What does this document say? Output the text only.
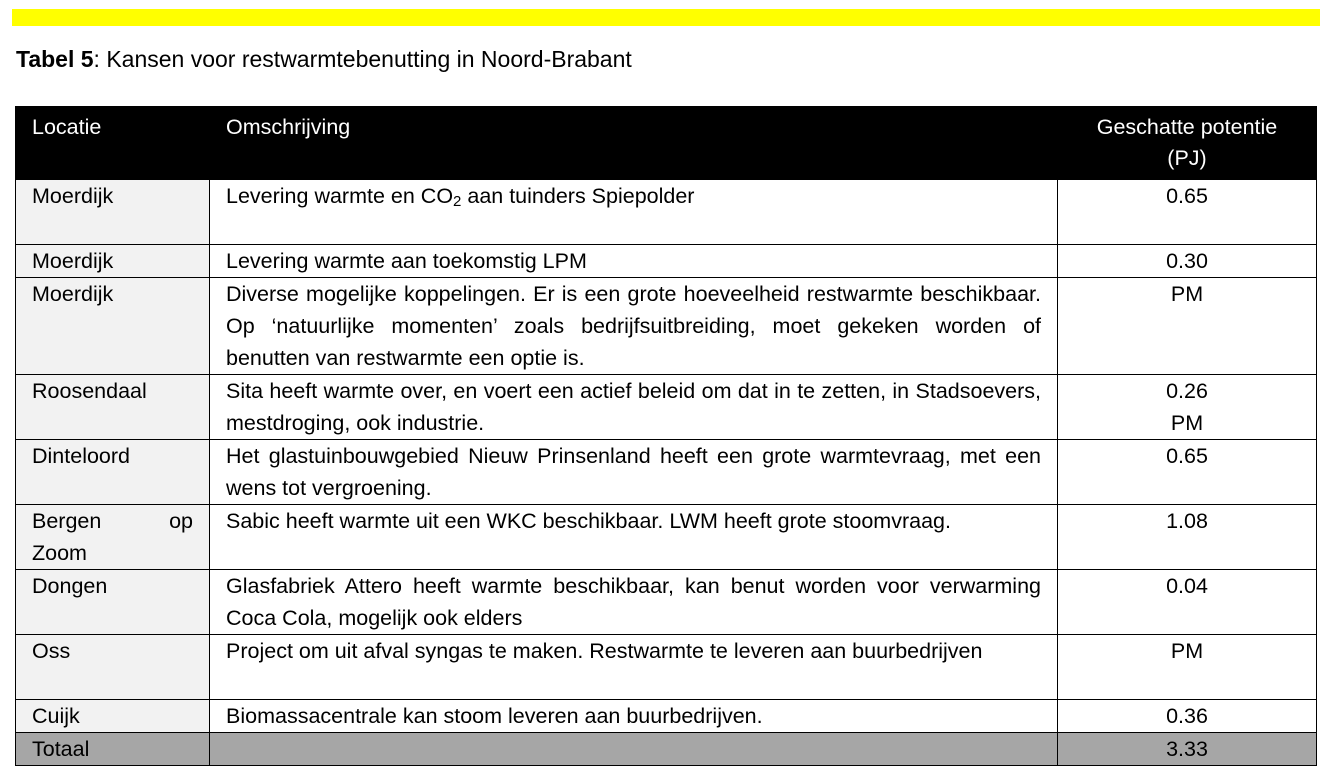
Tabel 5: Kansen voor restwarmtebenutting in Noord-Brabant
Locatie	Omschrijving	Geschatte potentie
(PJ)

Moerdijk	Levering warmte en $CO_2$ aan tuinders Spiepolder	0.65

Moerdijk	Levering warmte aan toekomstig LPM	0.30

Moerdijk	Diverse mogelijke koppelingen. Er is een grote hoeveelheid restwarmte beschikbaar. Op ‘natuurlijke momenten’ zoals bedrijfsuitbreiding, moet gekeken worden of benutten van restwarmte een optie is.	PM

Roosendaal	Sita heeft warmte over, en voert een actief beleid om dat in te zetten, in Stadsoevers, mestdroging, ook industrie.	0.26
PM

Dinteloord	Het glastuinbouwgebied Nieuw Prinsenland heeft een grote warmtevraag, met een wens tot vergroening.	0.65

Bergen op
Zoom	Sabic heeft warmte uit een WKC beschikbaar. LWM heeft grote stoomvraag.	1.08

Dongen	Glasfabriek Attero heeft warmte beschikbaar, kan benut worden voor verwarming Coca Cola, mogelijk ook elders	0.04

Oss	Project om uit afval syngas te maken. Restwarmte te leveren aan buurbedrijven	PM

Cuijk	Biomassacentrale kan stoom leveren aan buurbedrijven.	0.36

Totaal		3.33
